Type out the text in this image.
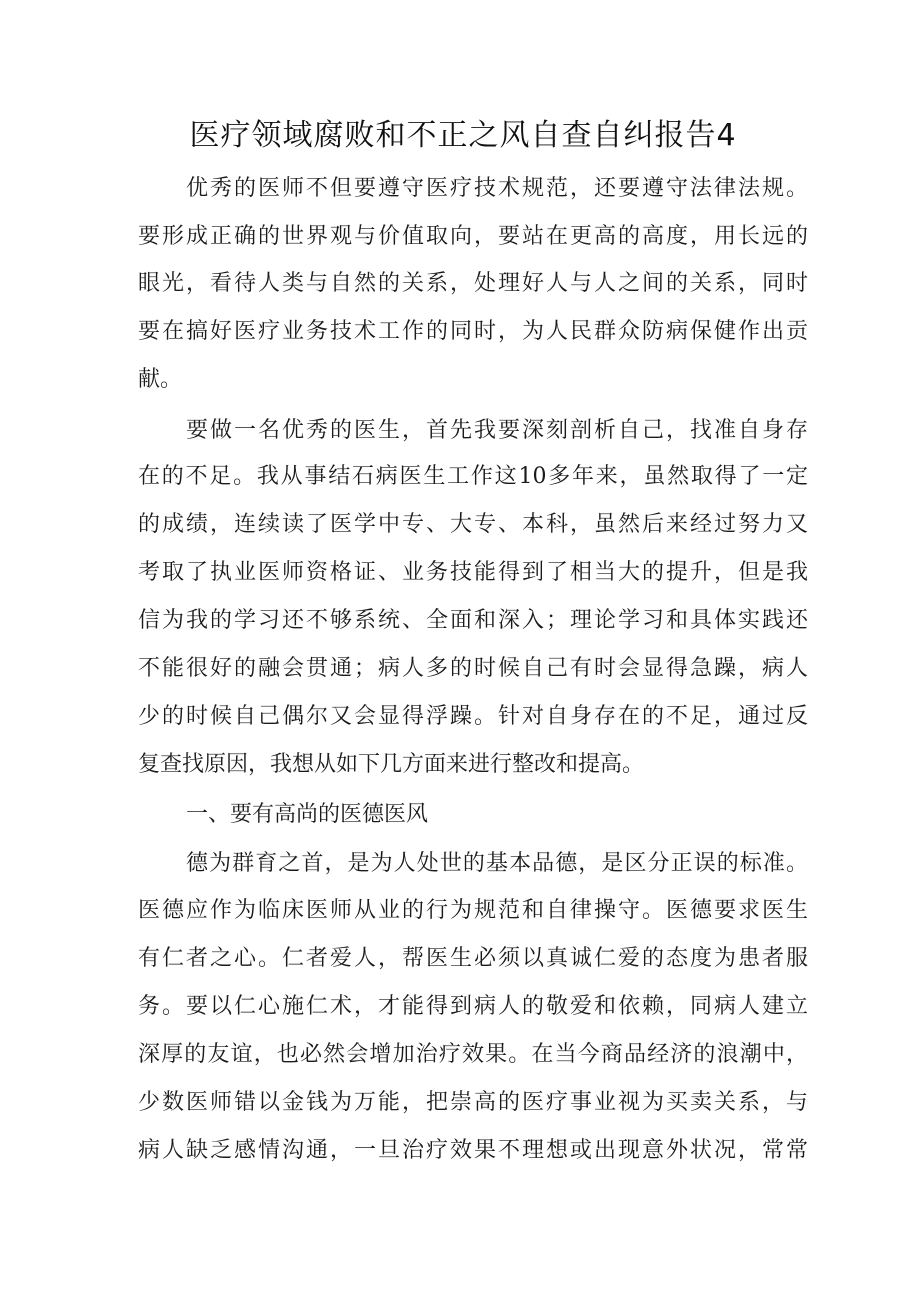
医疗领域腐败和不正之风自查自纠报告4
优秀的医师不但要遵守医疗技术规范，还要遵守法律法规。
要形成正确的世界观与价值取向，要站在更高的高度，用长远的
眼光，看待人类与自然的关系，处理好人与人之间的关系，同时
要在搞好医疗业务技术工作的同时，为人民群众防病保健作出贡
献。
要做一名优秀的医生，首先我要深刻剖析自己，找准自身存
在的不足。我从事结石病医生工作这10多年来，虽然取得了一定
的成绩，连续读了医学中专、大专、本科，虽然后来经过努力又
考取了执业医师资格证、业务技能得到了相当大的提升，但是我
信为我的学习还不够系统、全面和深入；理论学习和具体实践还
不能很好的融会贯通；病人多的时候自己有时会显得急躁，病人
少的时候自己偶尔又会显得浮躁。针对自身存在的不足，通过反
复查找原因，我想从如下几方面来进行整改和提高。
一、要有高尚的医德医风
德为群育之首，是为人处世的基本品德，是区分正误的标准。
医德应作为临床医师从业的行为规范和自律操守。医德要求医生
有仁者之心。仁者爱人，帮医生必须以真诚仁爱的态度为患者服
务。要以仁心施仁术，才能得到病人的敬爱和依赖，同病人建立
深厚的友谊，也必然会增加治疗效果。在当今商品经济的浪潮中，
少数医师错以金钱为万能，把崇高的医疗事业视为买卖关系，与
病人缺乏感情沟通，一旦治疗效果不理想或出现意外状况，常常
